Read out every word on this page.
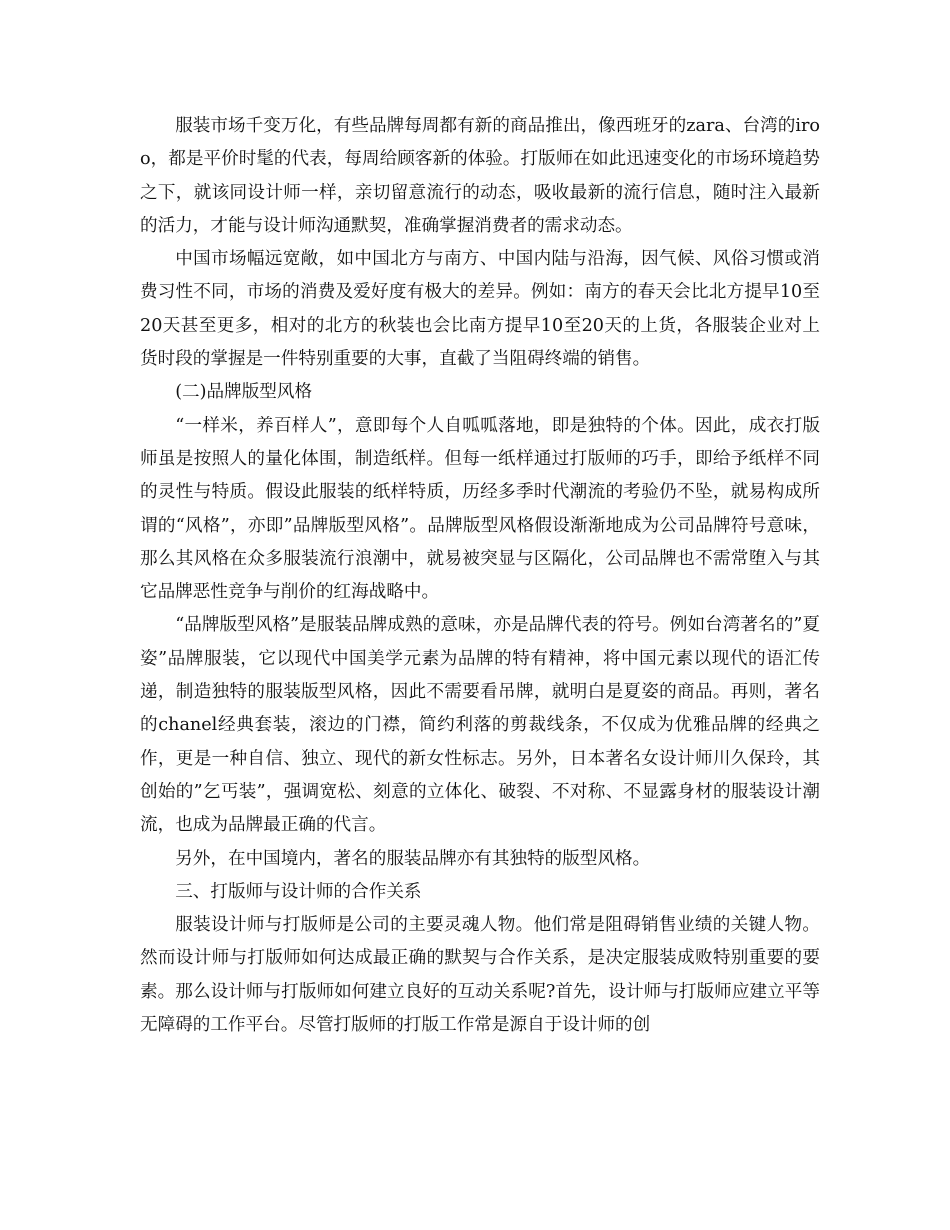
服装市场千变万化，有些品牌每周都有新的商品推出，像西班牙的zara、台湾的iroo，都是平价时髦的代表，每周给顾客新的体验。打版师在如此迅速变化的市场环境趋势之下，就该同设计师一样，亲切留意流行的动态，吸收最新的流行信息，随时注入最新的活力，才能与设计师沟通默契，准确掌握消费者的需求动态。

中国市场幅远宽敞，如中国北方与南方、中国内陆与沿海，因气候、风俗习惯或消费习性不同，市场的消费及爱好度有极大的差异。例如：南方的春天会比北方提早10至20天甚至更多，相对的北方的秋装也会比南方提早10至20天的上货，各服装企业对上货时段的掌握是一件特别重要的大事，直截了当阻碍终端的销售。

(二)品牌版型风格

“一样米，养百样人”，意即每个人自呱呱落地，即是独特的个体。因此，成衣打版师虽是按照人的量化体围，制造纸样。但每一纸样通过打版师的巧手，即给予纸样不同的灵性与特质。假设此服装的纸样特质，历经多季时代潮流的考验仍不坠，就易构成所谓的“风格”，亦即”品牌版型风格”。品牌版型风格假设渐渐地成为公司品牌符号意味，那么其风格在众多服装流行浪潮中，就易被突显与区隔化，公司品牌也不需常堕入与其它品牌恶性竞争与削价的红海战略中。

“品牌版型风格”是服装品牌成熟的意味，亦是品牌代表的符号。例如台湾著名的”夏姿”品牌服装，它以现代中国美学元素为品牌的特有精神，将中国元素以现代的语汇传递，制造独特的服装版型风格，因此不需要看吊牌，就明白是夏姿的商品。再则，著名的chanel经典套装，滚边的门襟，简约利落的剪裁线条，不仅成为优雅品牌的经典之作，更是一种自信、独立、现代的新女性标志。另外，日本著名女设计师川久保玲，其创始的”乞丐装”，强调宽松、刻意的立体化、破裂、不对称、不显露身材的服装设计潮流，也成为品牌最正确的代言。

另外，在中国境内，著名的服装品牌亦有其独特的版型风格。

三、打版师与设计师的合作关系

服装设计师与打版师是公司的主要灵魂人物。他们常是阻碍销售业绩的关键人物。然而设计师与打版师如何达成最正确的默契与合作关系，是决定服装成败特别重要的要素。那么设计师与打版师如何建立良好的互动关系呢?首先，设计师与打版师应建立平等无障碍的工作平台。尽管打版师的打版工作常是源自于设计师的创
